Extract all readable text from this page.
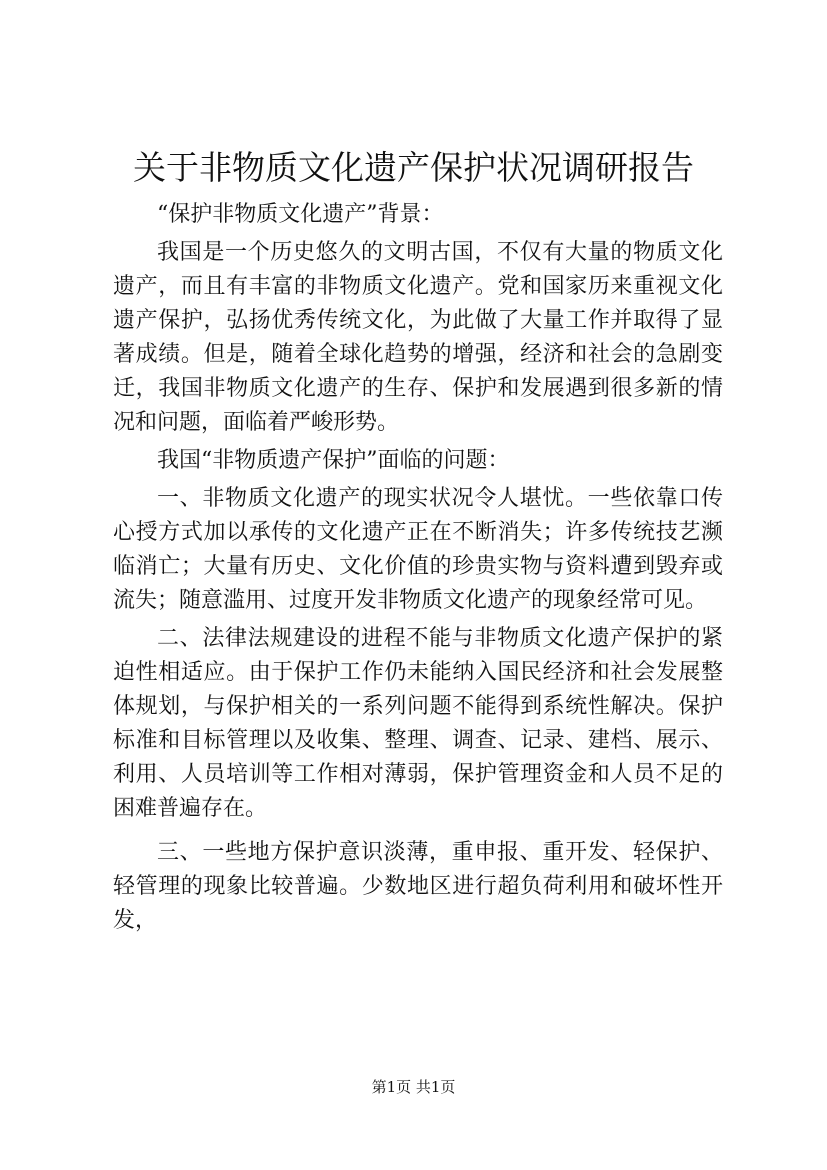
关于非物质文化遗产保护状况调研报告

“保护非物质文化遗产”背景：

我国是一个历史悠久的文明古国，不仅有大量的物质文化遗产，而且有丰富的非物质文化遗产。党和国家历来重视文化遗产保护，弘扬优秀传统文化，为此做了大量工作并取得了显著成绩。但是，随着全球化趋势的增强，经济和社会的急剧变迁，我国非物质文化遗产的生存、保护和发展遇到很多新的情况和问题，面临着严峻形势。

我国“非物质遗产保护”面临的问题：

一、非物质文化遗产的现实状况令人堪忧。一些依靠口传心授方式加以承传的文化遗产正在不断消失；许多传统技艺濒临消亡；大量有历史、文化价值的珍贵实物与资料遭到毁弃或流失；随意滥用、过度开发非物质文化遗产的现象经常可见。

二、法律法规建设的进程不能与非物质文化遗产保护的紧迫性相适应。由于保护工作仍未能纳入国民经济和社会发展整体规划，与保护相关的一系列问题不能得到系统性解决。保护标准和目标管理以及收集、整理、调查、记录、建档、展示、利用、人员培训等工作相对薄弱，保护管理资金和人员不足的困难普遍存在。

三、一些地方保护意识淡薄，重申报、重开发、轻保护、轻管理的现象比较普遍。少数地区进行超负荷利用和破坏性开发，

第1页 共1页
